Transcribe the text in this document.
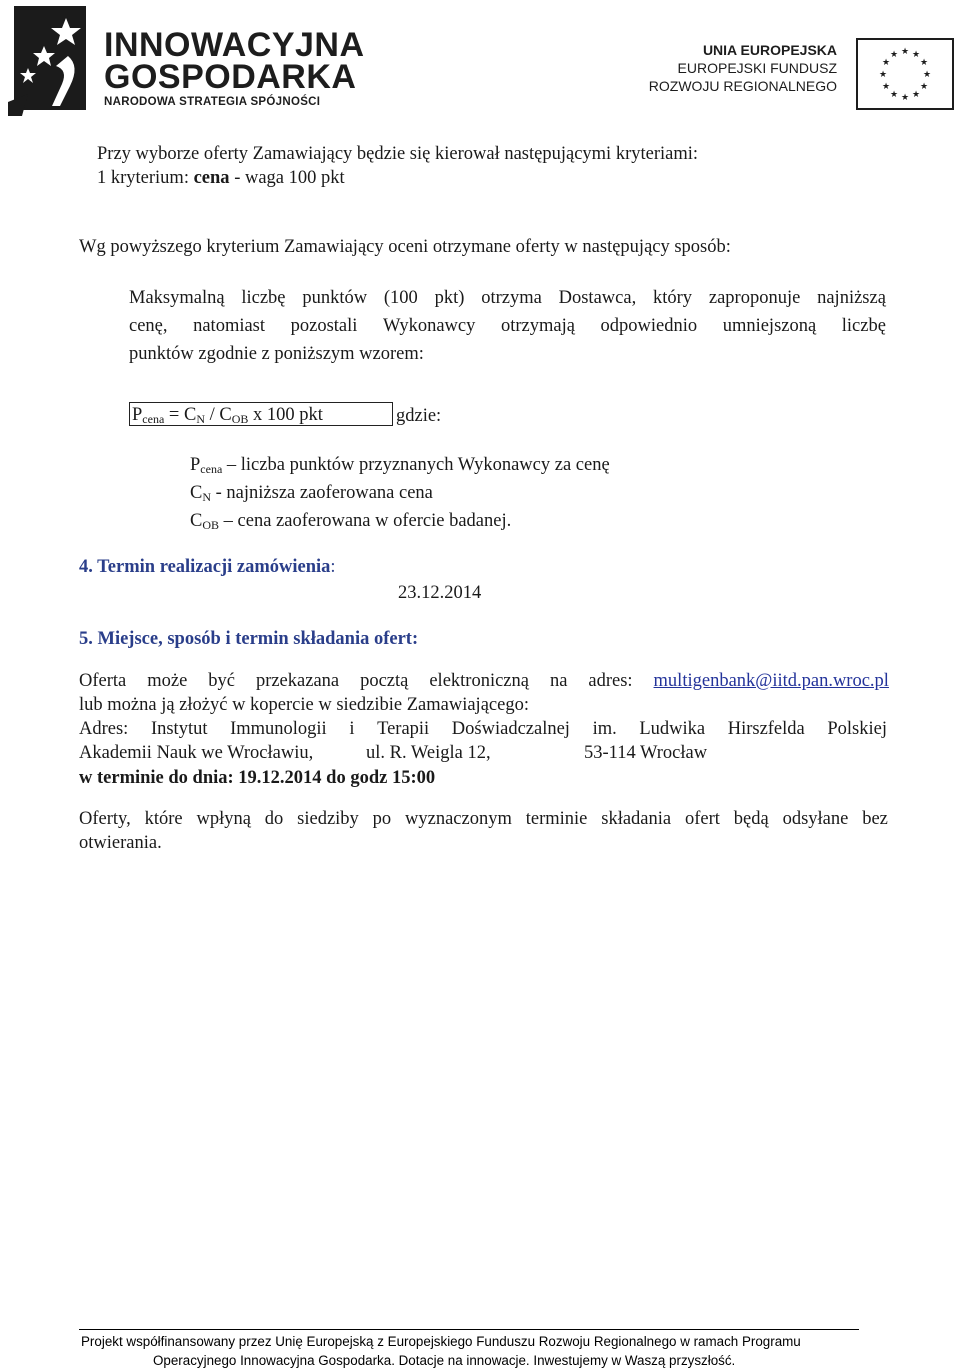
INNOWACYJNA
GOSPODARKA
NARODOWA STRATEGIA SPÓJNOŚCI
UNIA EUROPEJSKA
EUROPEJSKI FUNDUSZ
ROZWOJU REGIONALNEGO
★ ★
★
★
★
★
★
★
★
★
★
★
Przy wyborze oferty Zamawiający będzie się kierował następującymi kryteriami:
1 kryterium: cena - waga 100 pkt
Wg powyższego kryterium Zamawiający oceni otrzymane oferty w następujący sposób:
Maksymalną liczbę punktów (100 pkt) otrzyma Dostawca, który zaproponuje najniższą
cenę, natomiast pozostali Wykonawcy otrzymają odpowiednio umniejszoną liczbę
punktów zgodnie z poniższym wzorem:
$P_{cena} = C_N / C_{OB}$ x 100 pkt	gdzie:
$P_{cena}$ – liczba punktów przyznanych Wykonawcy za cenę
$C_N$ - najniższa zaoferowana cena
$C_{OB}$ – cena zaoferowana w ofercie badanej.
4. Termin realizacji zamówienia:
23.12.2014
5. Miejsce, sposób i termin składania ofert:
Oferta może być przekazana pocztą elektroniczną na adres: multigenbank@iitd.pan.wroc.pl
lub można ją złożyć w kopercie w siedzibie Zamawiającego:
Adres: Instytut Immunologii i Terapii Doświadczalnej im. Ludwika Hirszfelda Polskiej
Akademii Nauk we Wrocławiu,	ul. R. Weigla 12,	53-114 Wrocław
w terminie do dnia: 19.12.2014 do godz 15:00
Oferty, które wpłyną do siedziby po wyznaczonym terminie składania ofert będą odsyłane bez
otwierania.
Projekt współfinansowany przez Unię Europejską z Europejskiego Funduszu Rozwoju Regionalnego w ramach Programu
Operacyjnego Innowacyjna Gospodarka. Dotacje na innowacje. Inwestujemy w Waszą przyszłość.
